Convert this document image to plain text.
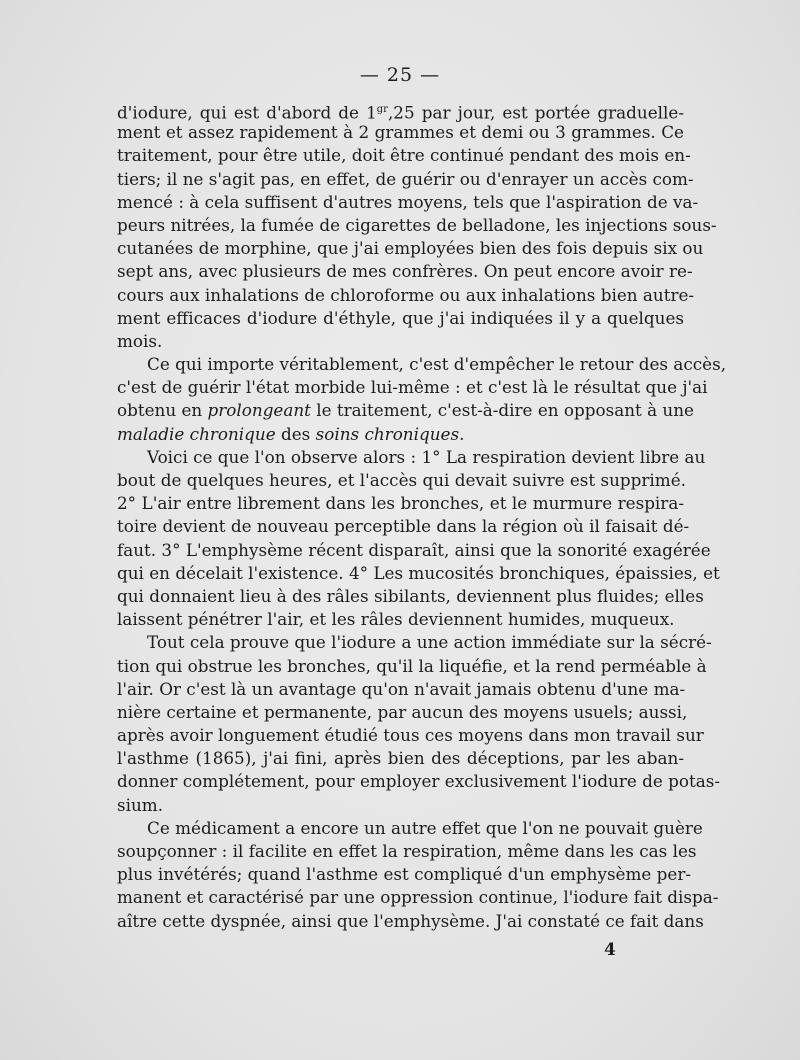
— 25 —
d'iodure, qui est d'abord de $1^{gr},25$ par jour, est portée graduelle-
ment et assez rapidement à 2 grammes et demi ou 3 grammes. Ce
traitement, pour être utile, doit être continué pendant des mois en-
tiers; il ne s'agit pas, en effet, de guérir ou d'enrayer un accès com-
mencé : à cela suffisent d'autres moyens, tels que l'aspiration de va-
peurs nitrées, la fumée de cigarettes de belladone, les injections sous-
cutanées de morphine, que j'ai employées bien des fois depuis six ou
sept ans, avec plusieurs de mes confrères. On peut encore avoir re-
cours aux inhalations de chloroforme ou aux inhalations bien autre-
ment efficaces d'iodure d'éthyle, que j'ai indiquées il y a quelques
mois.
Ce qui importe véritablement, c'est d'empêcher le retour des accès,
c'est de guérir l'état morbide lui-même : et c'est là le résultat que j'ai
obtenu en prolongeant le traitement, c'est-à-dire en opposant à une
maladie chronique des soins chroniques.
Voici ce que l'on observe alors : 1° La respiration devient libre au
bout de quelques heures, et l'accès qui devait suivre est supprimé.
2° L'air entre librement dans les bronches, et le murmure respira-
toire devient de nouveau perceptible dans la région où il faisait dé-
faut. 3° L'emphysème récent disparaît, ainsi que la sonorité exagérée
qui en décelait l'existence. 4° Les mucosités bronchiques, épaissies, et
qui donnaient lieu à des râles sibilants, deviennent plus fluides; elles
laissent pénétrer l'air, et les râles deviennent humides, muqueux.
Tout cela prouve que l'iodure a une action immédiate sur la sécré-
tion qui obstrue les bronches, qu'il la liquéfie, et la rend perméable à
l'air. Or c'est là un avantage qu'on n'avait jamais obtenu d'une ma-
nière certaine et permanente, par aucun des moyens usuels; aussi,
après avoir longuement étudié tous ces moyens dans mon travail sur
l'asthme (1865), j'ai fini, après bien des déceptions, par les aban-
donner complétement, pour employer exclusivement l'iodure de potas-
sium.
Ce médicament a encore un autre effet que l'on ne pouvait guère
soupçonner : il facilite en effet la respiration, même dans les cas les
plus invétérés; quand l'asthme est compliqué d'un emphysème per-
manent et caractérisé par une oppression continue, l'iodure fait dispa-
aître cette dyspnée, ainsi que l'emphysème. J'ai constaté ce fait dans
4
